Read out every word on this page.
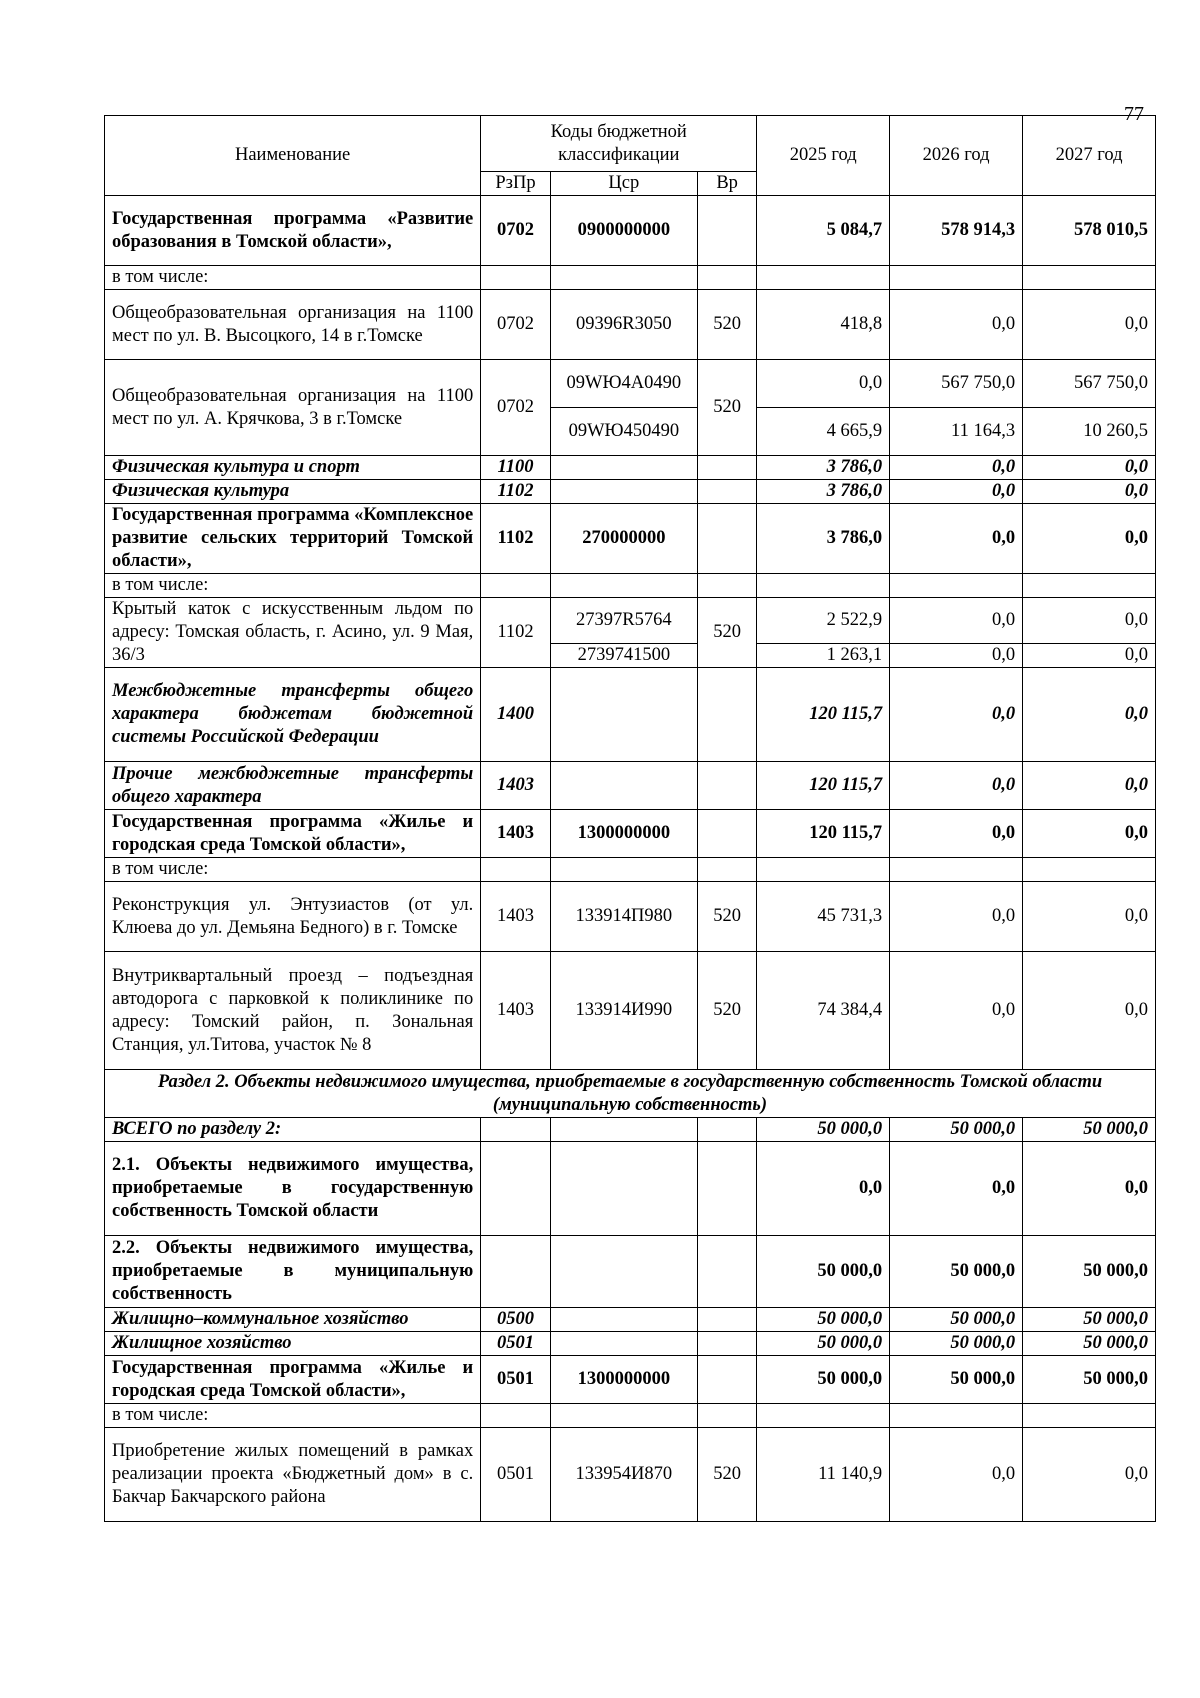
77
Наименование	Коды бюджетной классификации			2025 год	2026 год	2027 год
	РзПр	Цср	Вр			
Государственная программа «Развитие образования в Томской области»,	0702	0900000000		5 084,7	578 914,3	578 010,5
в том числе:						
Общеобразовательная организация на 1100 мест по ул. В. Высоцкого, 14 в г.Томске	0702	09396R3050	520	418,8	0,0	0,0
Общеобразовательная организация на 1100 мест по ул. А. Крячкова, 3 в г.Томске	0702	09WЮ4A0490	520	0,0	567 750,0	567 750,0
		09WЮ450490		4 665,9	11 164,3	10 260,5
Физическая культура и спорт	1100			3 786,0	0,0	0,0
Физическая культура	1102			3 786,0	0,0	0,0
Государственная программа «Комплексное развитие сельских территорий Томской области»,	1102	270000000		3 786,0	0,0	0,0
в том числе:						
Крытый каток с искусственным льдом по адресу: Томская область, г. Асино, ул. 9 Мая, 36/3	1102	27397R5764	520	2 522,9	0,0	0,0
		2739741500		1 263,1	0,0	0,0
Межбюджетные трансферты общего характера бюджетам бюджетной системы Российской Федерации	1400			120 115,7	0,0	0,0
Прочие межбюджетные трансферты общего характера	1403			120 115,7	0,0	0,0
Государственная программа «Жилье и городская среда Томской области»,	1403	1300000000		120 115,7	0,0	0,0
в том числе:						
Реконструкция ул. Энтузиастов (от ул. Клюева до ул. Демьяна Бедного) в г. Томске	1403	133914П980	520	45 731,3	0,0	0,0
Внутриквартальный проезд – подъездная автодорога с парковкой к поликлинике по адресу: Томский район, п. Зональная Станция, ул.Титова, участок № 8	1403	133914И990	520	74 384,4	0,0	0,0
Раздел 2. Объекты недвижимого имущества, приобретаемые в государственную собственность Томской области (муниципальную собственность)						
ВСЕГО по разделу 2:				50 000,0	50 000,0	50 000,0
2.1. Объекты недвижимого имущества, приобретаемые в государственную собственность Томской области				0,0	0,0	0,0
2.2. Объекты недвижимого имущества, приобретаемые в муниципальную собственность				50 000,0	50 000,0	50 000,0
Жилищно–коммунальное хозяйство	0500			50 000,0	50 000,0	50 000,0
Жилищное хозяйство	0501			50 000,0	50 000,0	50 000,0
Государственная программа «Жилье и городская среда Томской области»,	0501	1300000000		50 000,0	50 000,0	50 000,0
в том числе:						
Приобретение жилых помещений в рамках реализации проекта «Бюджетный дом» в с. Бакчар Бакчарского района	0501	133954И870	520	11 140,9	0,0	0,0
